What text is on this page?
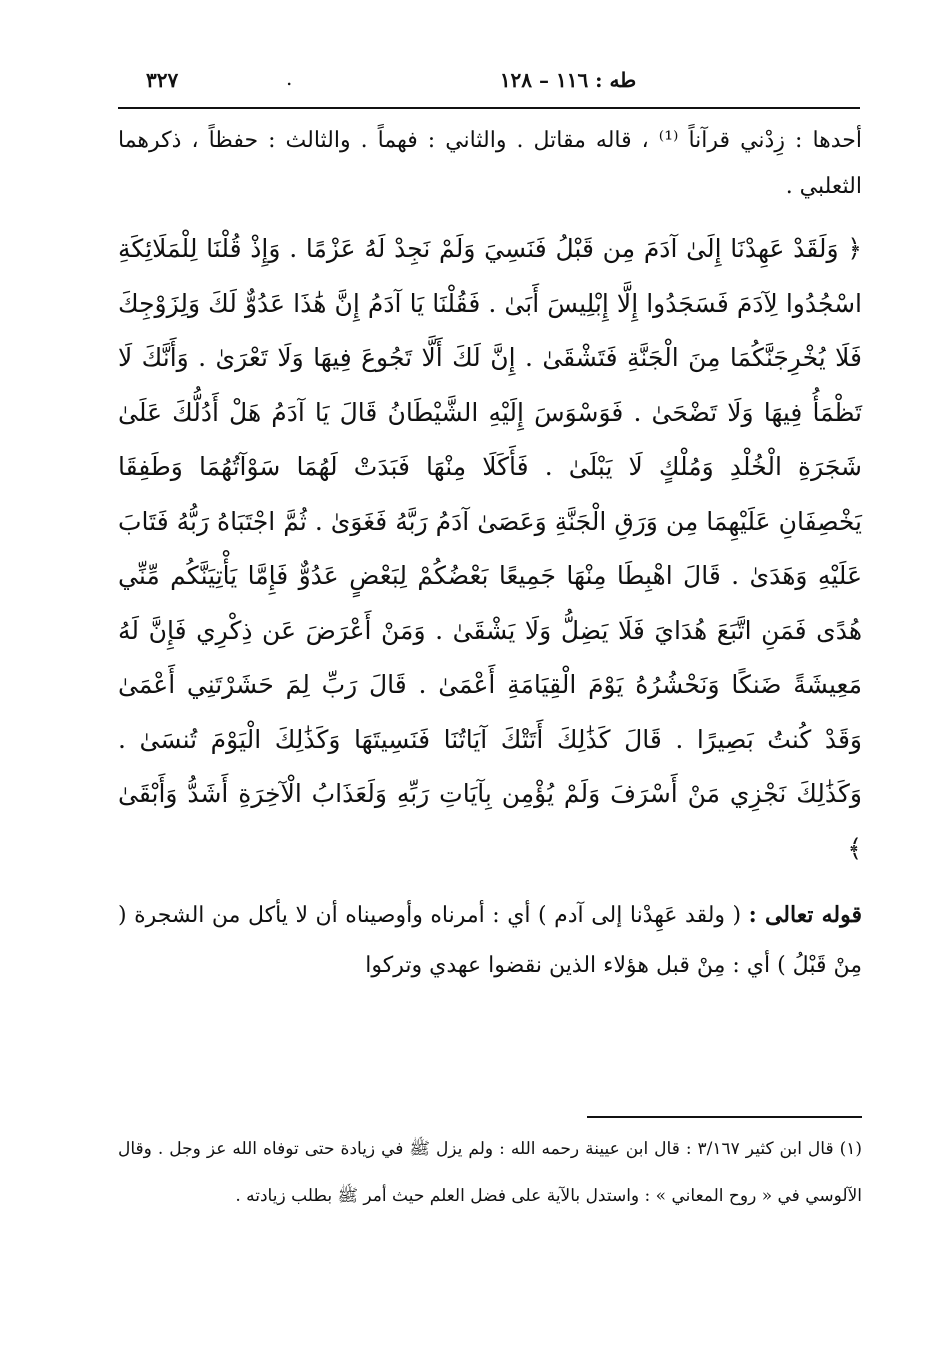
طه : ١١٦ – ١٢٨
.
٣٢٧

أحدها : زِدْني قرآناً ⁽¹⁾ ، قاله مقاتل . والثاني : فهماً . والثالث : حفظاً ، ذكرهما الثعلبي .

﴿ وَلَقَدْ عَهِدْنَا إِلَىٰ آدَمَ مِن قَبْلُ فَنَسِيَ وَلَمْ نَجِدْ لَهُ عَزْمًا . وَإِذْ قُلْنَا لِلْمَلَائِكَةِ اسْجُدُوا لِآدَمَ فَسَجَدُوا إِلَّا إِبْلِيسَ أَبَىٰ . فَقُلْنَا يَا آدَمُ إِنَّ هَٰذَا عَدُوٌّ لَكَ وَلِزَوْجِكَ فَلَا يُخْرِجَنَّكُمَا مِنَ الْجَنَّةِ فَتَشْقَىٰ . إِنَّ لَكَ أَلَّا تَجُوعَ فِيهَا وَلَا تَعْرَىٰ . وَأَنَّكَ لَا تَظْمَأُ فِيهَا وَلَا تَضْحَىٰ . فَوَسْوَسَ إِلَيْهِ الشَّيْطَانُ قَالَ يَا آدَمُ هَلْ أَدُلُّكَ عَلَىٰ شَجَرَةِ الْخُلْدِ وَمُلْكٍ لَا يَبْلَىٰ . فَأَكَلَا مِنْهَا فَبَدَتْ لَهُمَا سَوْآتُهُمَا وَطَفِقَا يَخْصِفَانِ عَلَيْهِمَا مِن وَرَقِ الْجَنَّةِ وَعَصَىٰ آدَمُ رَبَّهُ فَغَوَىٰ . ثُمَّ اجْتَبَاهُ رَبُّهُ فَتَابَ عَلَيْهِ وَهَدَىٰ . قَالَ اهْبِطَا مِنْهَا جَمِيعًا بَعْضُكُمْ لِبَعْضٍ عَدُوٌّ فَإِمَّا يَأْتِيَنَّكُم مِّنِّي هُدًى فَمَنِ اتَّبَعَ هُدَايَ فَلَا يَضِلُّ وَلَا يَشْقَىٰ . وَمَنْ أَعْرَضَ عَن ذِكْرِي فَإِنَّ لَهُ مَعِيشَةً ضَنكًا وَنَحْشُرُهُ يَوْمَ الْقِيَامَةِ أَعْمَىٰ . قَالَ رَبِّ لِمَ حَشَرْتَنِي أَعْمَىٰ وَقَدْ كُنتُ بَصِيرًا . قَالَ كَذَٰلِكَ أَتَتْكَ آيَاتُنَا فَنَسِيتَهَا وَكَذَٰلِكَ الْيَوْمَ تُنسَىٰ . وَكَذَٰلِكَ نَجْزِي مَنْ أَسْرَفَ وَلَمْ يُؤْمِن بِآيَاتِ رَبِّهِ وَلَعَذَابُ الْآخِرَةِ أَشَدُّ وَأَبْقَىٰ ﴾

قوله تعالى : ( ولقد عَهِدْنا إلى آدم ) أي : أمرناه وأوصيناه أن لا يأكل من الشجرة ( مِنْ قَبْلُ ) أي : مِنْ قبل هؤلاء الذين نقضوا عهدي وتركوا

(١) قال ابن كثير ٣/١٦٧ : قال ابن عيينة رحمه الله : ولم يزل ﷺ في زيادة حتى توفاه الله عز وجل . وقال الآلوسي في « روح المعاني » : واستدل بالآية على فضل العلم حيث أمر ﷺ بطلب زيادته .
